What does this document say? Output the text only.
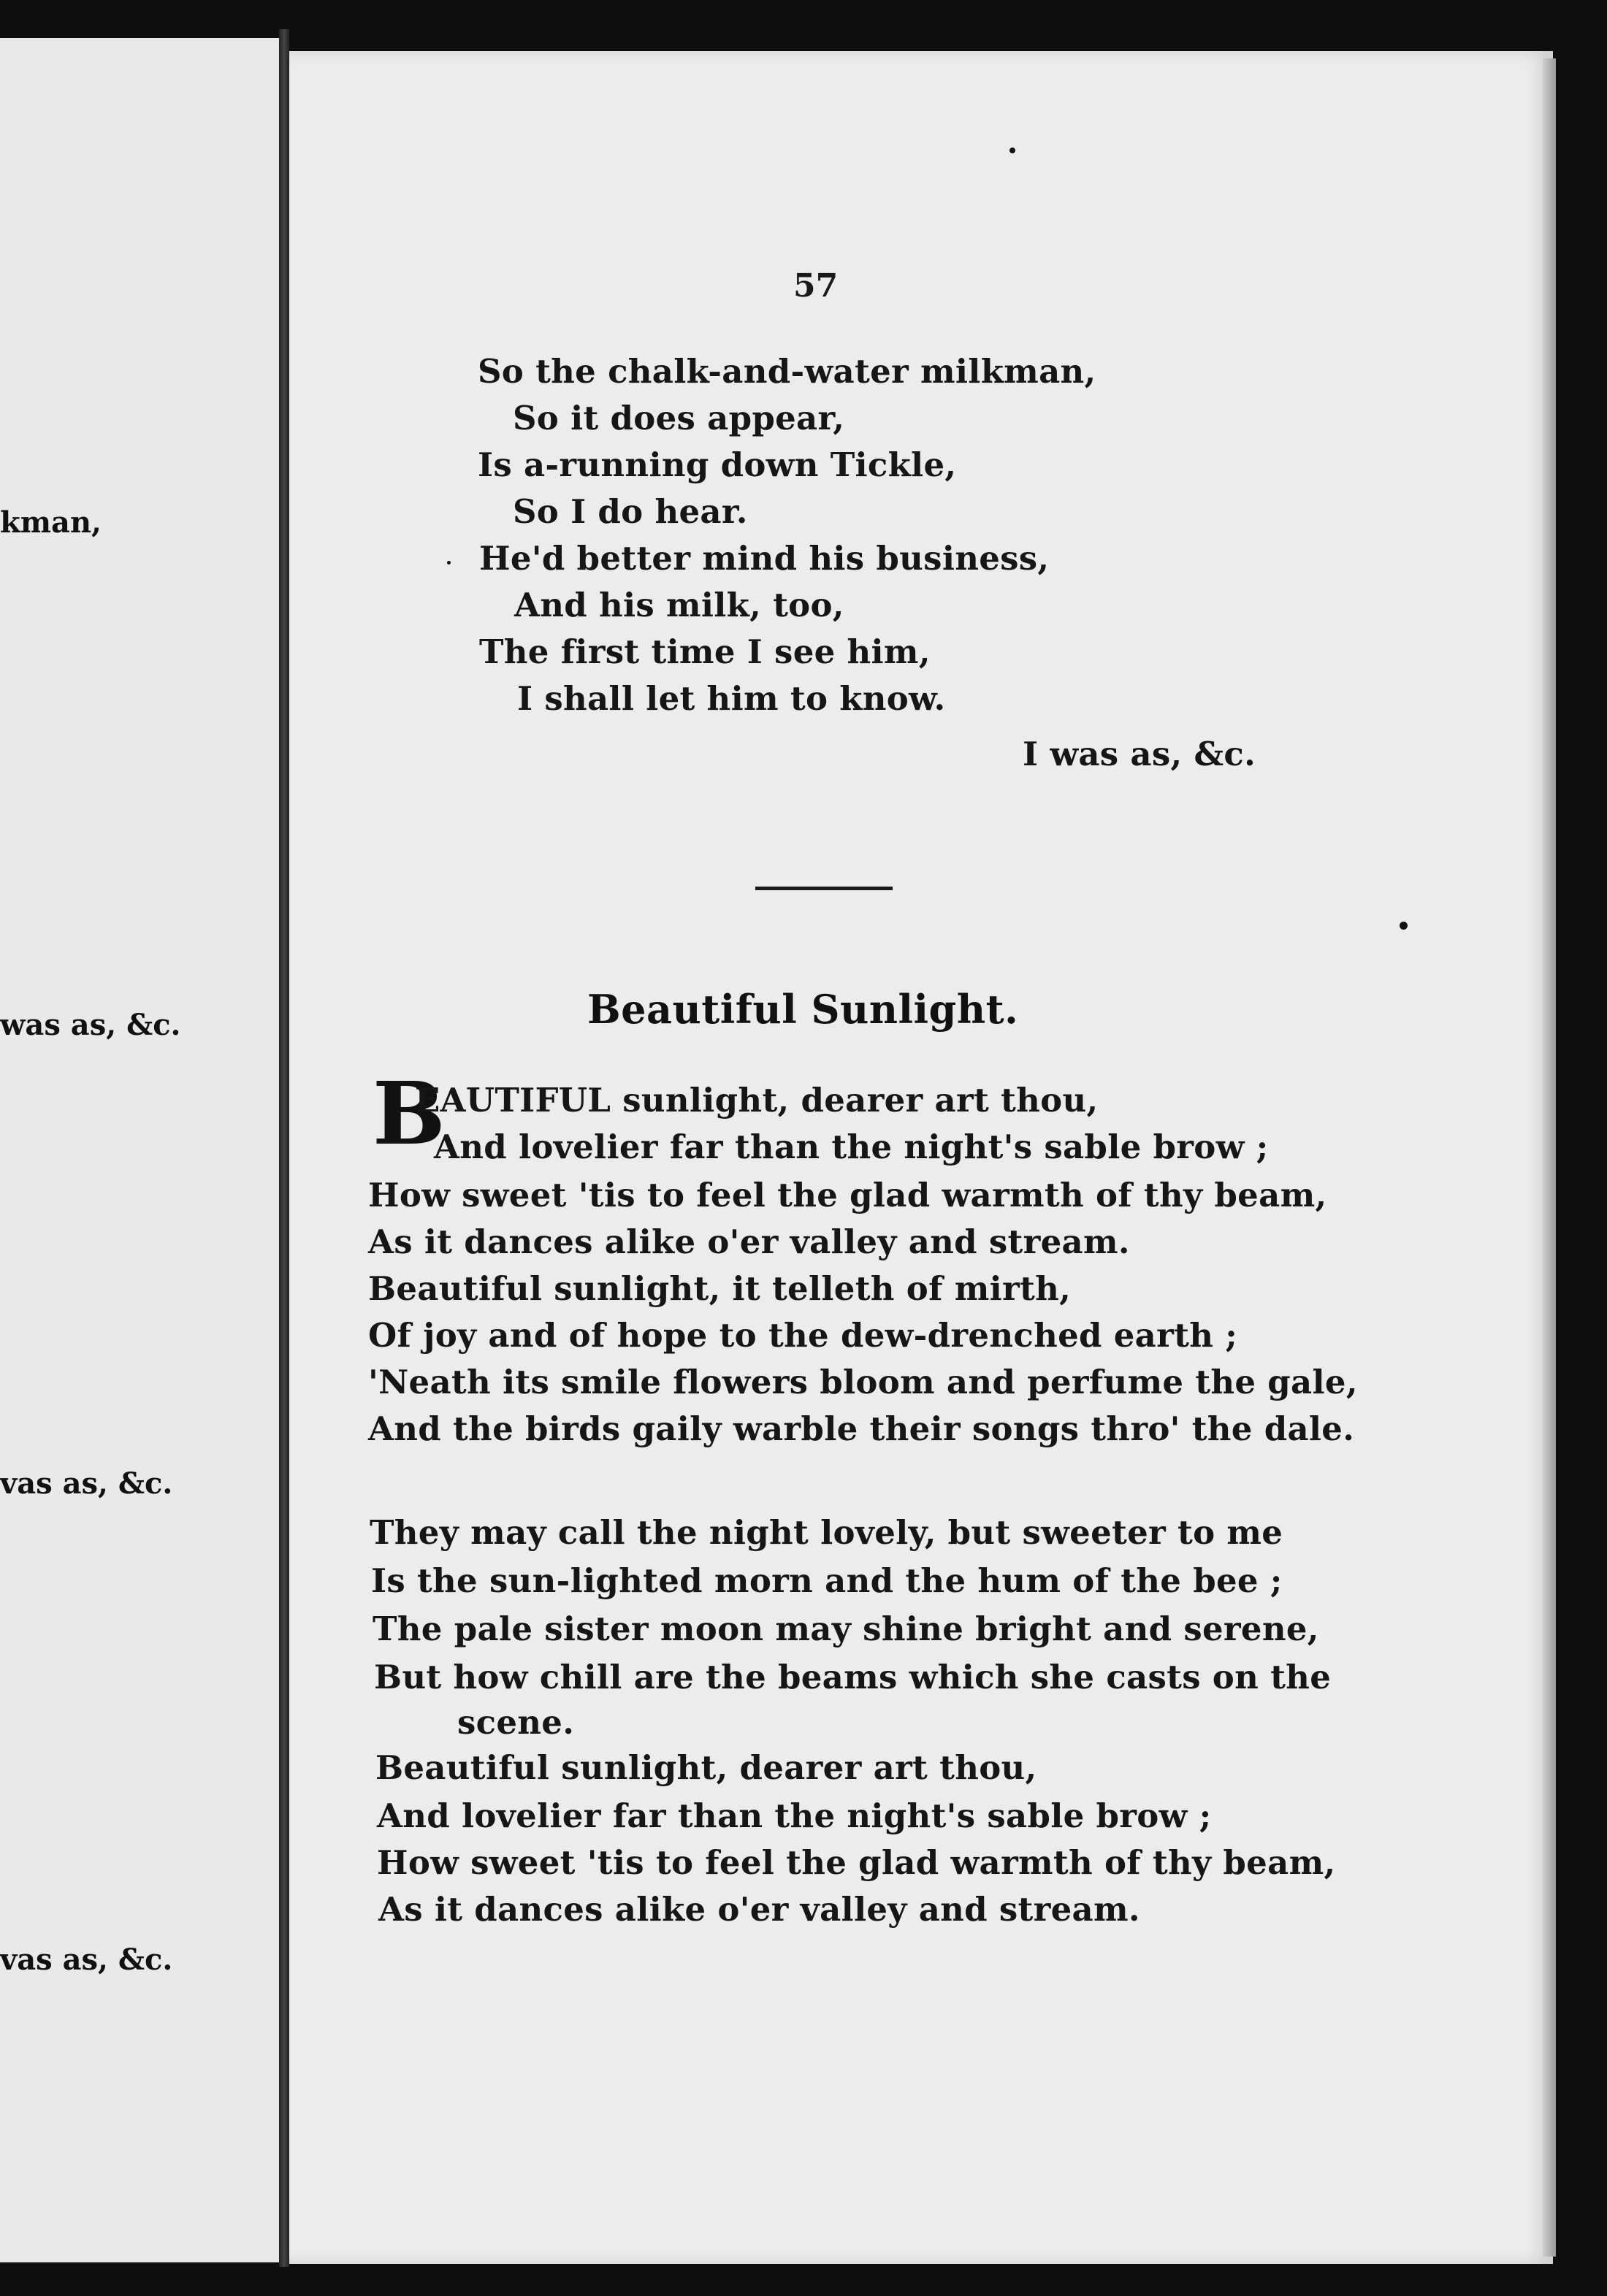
kman,
was as, &c.
vas as, &c.
vas as, &c.
57
So the chalk-and-water milkman,
So it does appear,
Is a-running down Tickle,
So I do hear.
He'd better mind his business,
And his milk, too,
The first time I see him,
I shall let him to know.
I was as, &c.
Beautiful Sunlight.
B
EAUTIFUL sunlight, dearer art thou,
And lovelier far than the night's sable brow ;
How sweet 'tis to feel the glad warmth of thy beam,
As it dances alike o'er valley and stream.
Beautiful sunlight, it telleth of mirth,
Of joy and of hope to the dew-drenched earth ;
'Neath its smile flowers bloom and perfume the gale,
And the birds gaily warble their songs thro' the dale.
They may call the night lovely, but sweeter to me
Is the sun-lighted morn and the hum of the bee ;
The pale sister moon may shine bright and serene,
But how chill are the beams which she casts on the
scene.
Beautiful sunlight, dearer art thou,
And lovelier far than the night's sable brow ;
How sweet 'tis to feel the glad warmth of thy beam,
As it dances alike o'er valley and stream.
